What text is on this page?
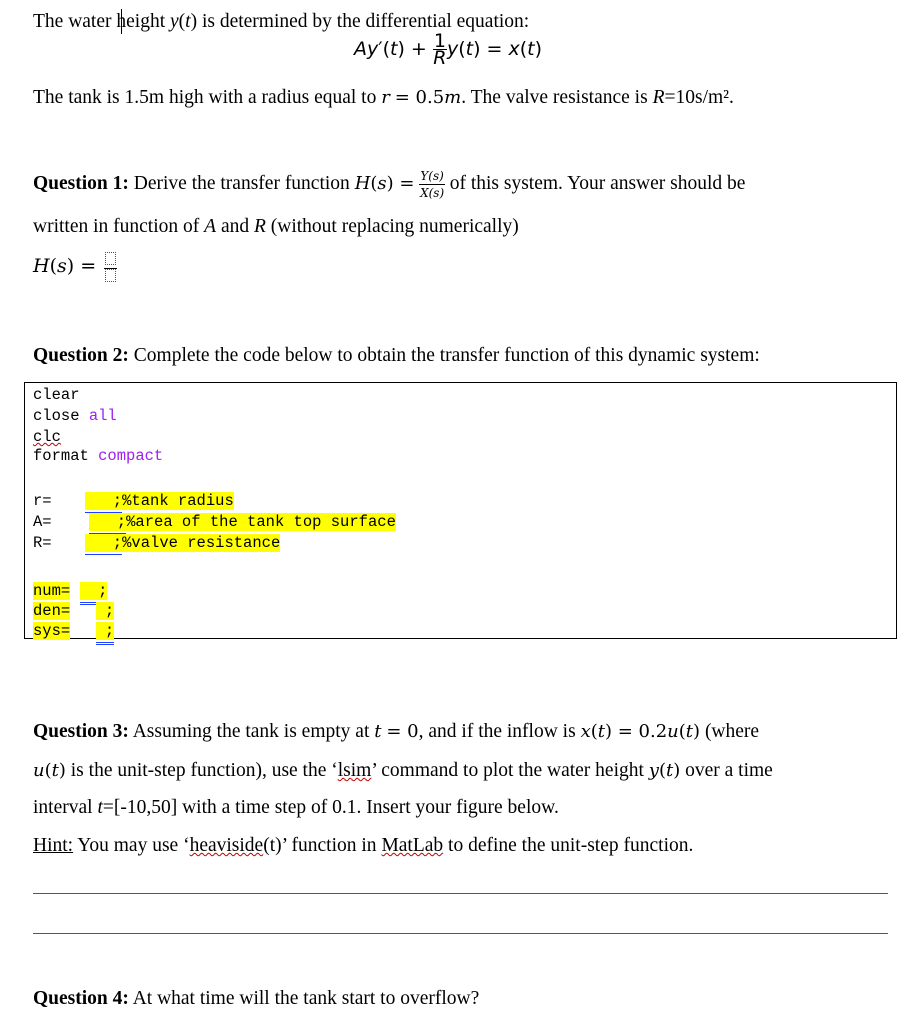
The water height y(t) is determined by the differential equation:
$Ay'(t) + \frac{1}{R} y(t) = x(t)$
The tank is 1.5m high with a radius equal to r = 0.5m. The valve resistance is R=10s/m².
Question 1: Derive the transfer function $H(s) = \frac{Y(s)}{X(s)}$ of this system. Your answer should be
written in function of A and R (without replacing numerically)
H(s) =
Question 2: Complete the code below to obtain the transfer function of this dynamic system:
clear
close all
clc
format compact
r=    ;%tank radius
A=    ;%area of the tank top surface
R=    ;%valve resistance
num=   ;
den=  ;
sys=  ;
Question 3: Assuming the tank is empty at t = 0, and if the inflow is x(t) = 0.2u(t) (where
u(t) is the unit-step function), use the ‘lsim’ command to plot the water height y(t) over a time
interval t=[-10,50] with a time step of 0.1. Insert your figure below.
Hint: You may use ‘heaviside(t)’ function in MatLab to define the unit-step function.
Question 4: At what time will the tank start to overflow?
